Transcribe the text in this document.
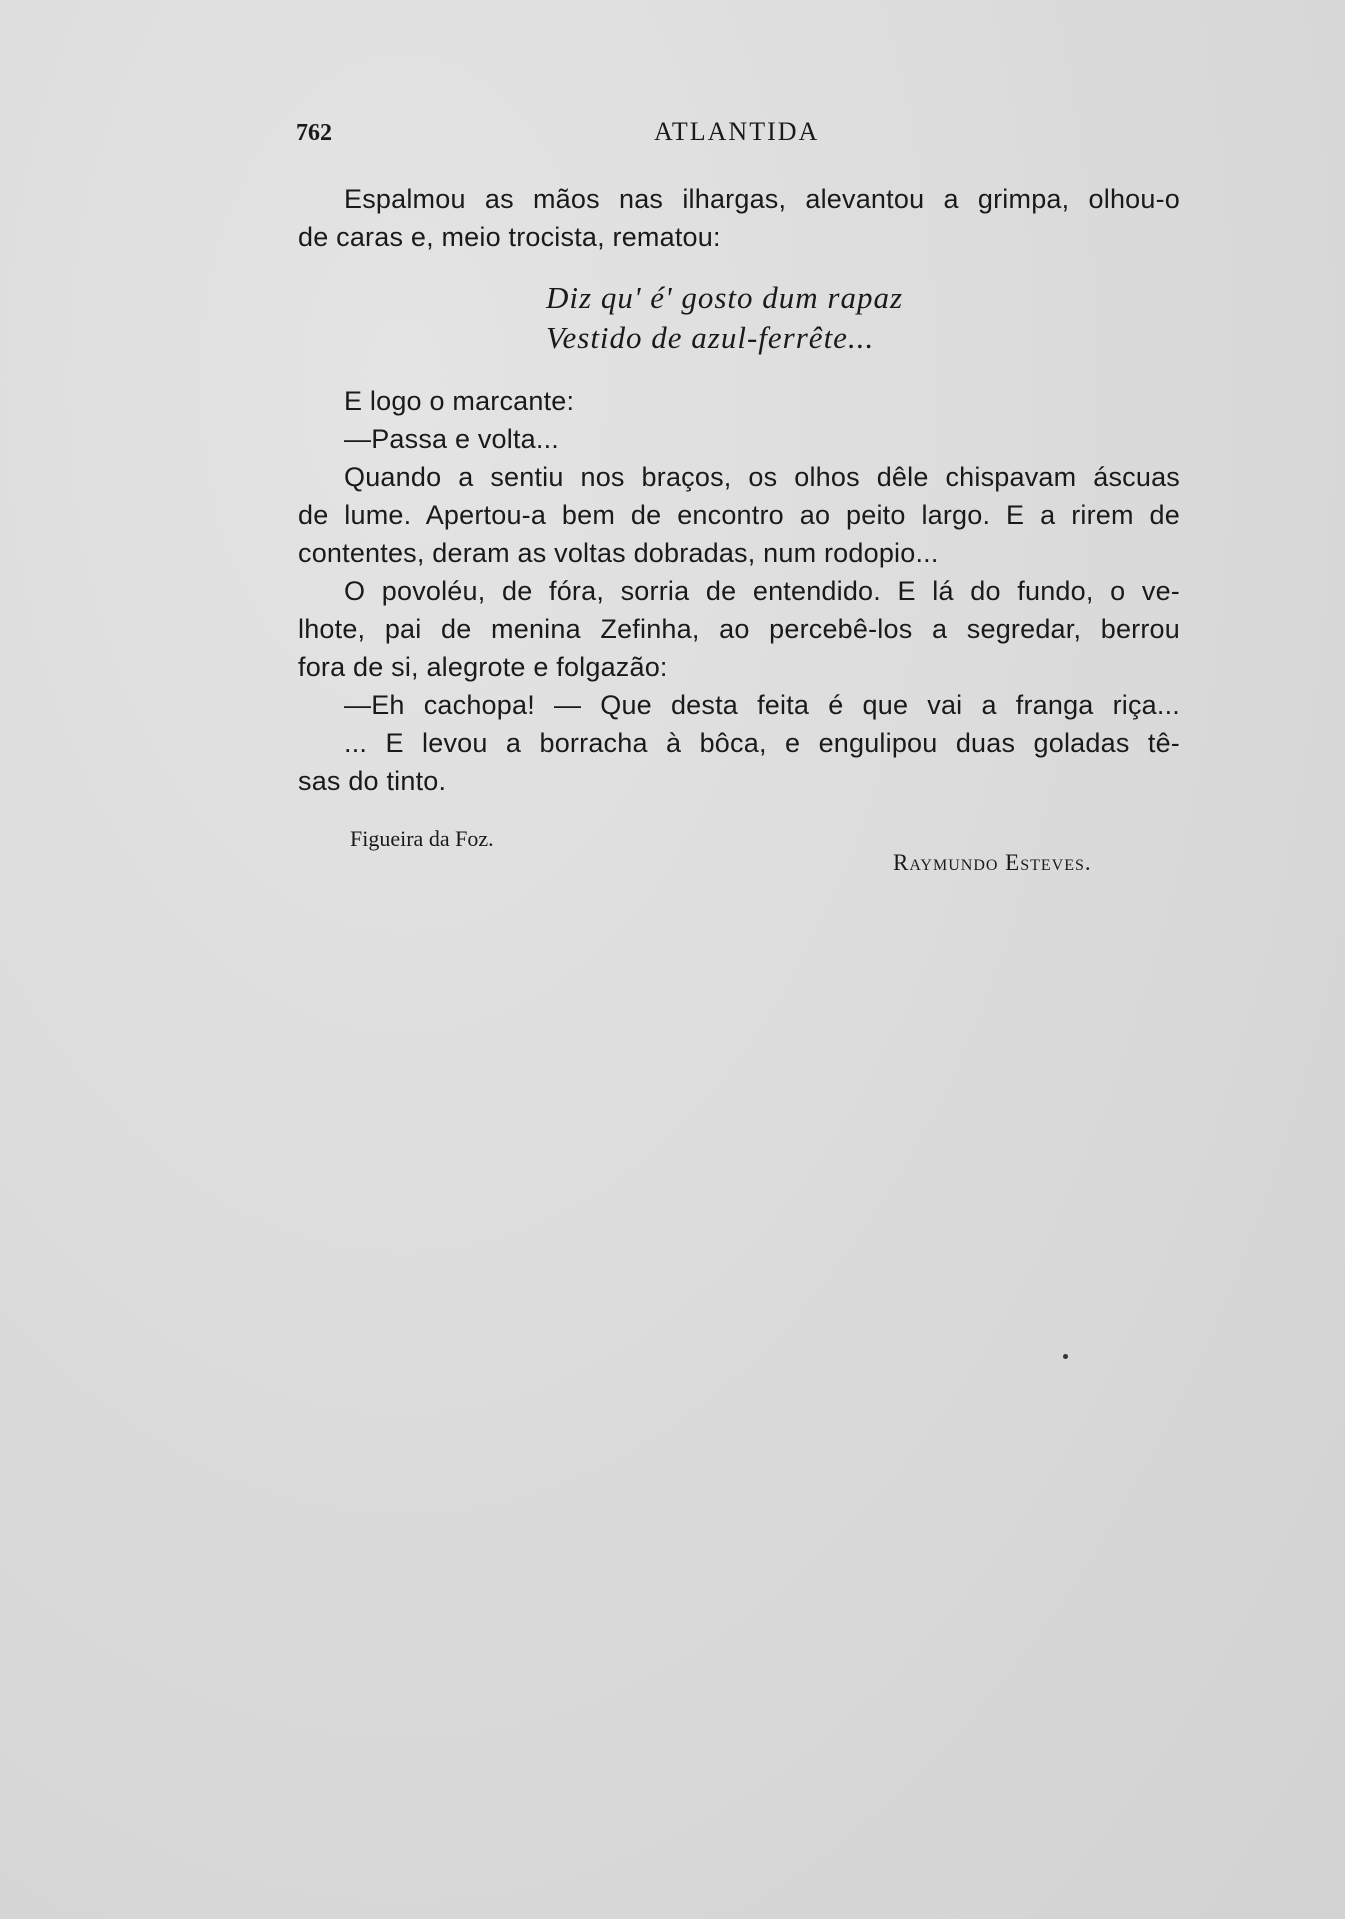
762	ATLANTIDA

Espalmou as mãos nas ilhargas, alevantou a grimpa, olhou-o

de caras e, meio trocista, rematou:

Diz qu' é' gosto dum rapaz

Vestido de azul-ferrête...

E logo o marcante:

—Passa e volta...

Quando a sentiu nos braços, os olhos dêle chispavam áscuas

de lume. Apertou-a bem de encontro ao peito largo. E a rirem de

contentes, deram as voltas dobradas, num rodopio...

O povoléu, de fóra, sorria de entendido. E lá do fundo, o ve-

lhote, pai de menina Zefinha, ao percebê-los a segredar, berrou

fora de si, alegrote e folgazão:

—Eh cachopa! — Que desta feita é que vai a franga riça...

... E levou a borracha à bôca, e engulipou duas goladas tê-

sas do tinto.

Figueira da Foz.
Raymundo Esteves.
